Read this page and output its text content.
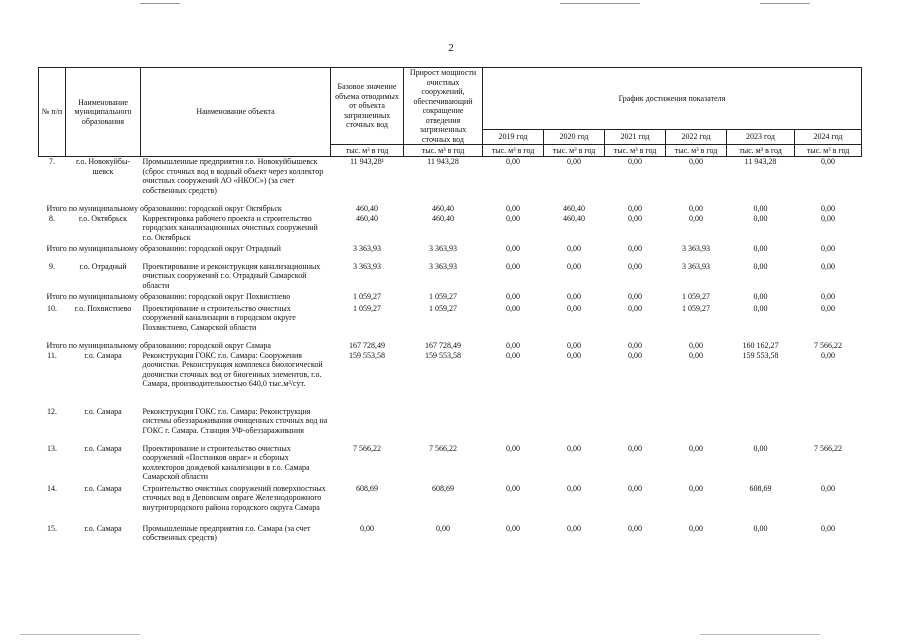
2
№ п/п	Наименование муниципального образования	Наименование объекта	Базовое значение объема отводимых от объекта загрязненных сточных вод	Прирост мощности очистных сооружений, обеспечивающий сокращение отведения загрязненных сточных вод	График достижения показателя					
					2019 год	2020 год	2021 год	2022 год	2023 год	2024 год
			тыс. м³ в год	тыс. м³ в год	тыс. м³ в год	тыс. м³ в год	тыс. м³ в год	тыс. м³ в год	тыс. м³ в год	тыс. м³ в год
7.	г.о. Новокуйбы-шевск	Промышленные предприятия г.о. Новокуйбышевск (сброс сточных вод в водный объект через коллектор очистных сооружений АО «НКОС») (за счет собственных средств)	11 943,28¹	11 943,28	0,00	0,00	0,00	0,00	11 943,28	0,00
Итого по муниципальному образованию: городской округ Октябрьск			460,40	460,40	0,00	460,40	0,00	0,00	0,00	0,00
8.	г.о. Октябрьск	Корректировка рабочего проекта и строительство городских канализационных очистных сооружений г.о. Октябрьск	460,40	460,40	0,00	460,40	0,00	0,00	0,00	0,00
Итого по муниципальному образованию: городской округ Отрадный			3 363,93	3 363,93	0,00	0,00	0,00	3 363,93	0,00	0,00
9.	г.о. Отрадный	Проектирование и реконструкция канализационных очистных сооружений г.о. Отрадный Самарской области	3 363,93	3 363,93	0,00	0,00	0,00	3 363,93	0,00	0,00
Итого по муниципальному образованию: городской округ Похвистнево			1 059,27	1 059,27	0,00	0,00	0,00	1 059,27	0,00	0,00
10.	г.о. Похвистнево	Проектирование и строительство очистных сооружений канализации в городском округе Похвистнево, Самарской области	1 059,27	1 059,27	0,00	0,00	0,00	1 059,27	0,00	0,00
Итого по муниципальному образованию: городской округ Самара			167 728,49	167 728,49	0,00	0,00	0,00	0,00	160 162,27	7 566,22
11.	г.о. Самара	Реконструкция ГОКС г.о. Самара: Сооружения доочистки. Реконструкция комплекса биологической доочистки сточных вод от биогенных элементов, г.о. Самара, производительностью 640,0 тыс.м³/сут.	159 553,58	159 553,58	0,00	0,00	0,00	0,00	159 553,58	0,00
12.	г.о. Самара	Реконструкция ГОКС г.о. Самара: Реконструкция системы обеззараживания очищенных сточных вод на ГОКС г. Самара. Станция УФ-обеззараживания								
13.	г.о. Самара	Проектирование и строительство очистных сооружений «Постников овраг» и сборных коллекторов дождевой канализации в г.о. Самара Самарской области	7 566,22	7 566,22	0,00	0,00	0,00	0,00	0,00	7 566,22
14.	г.о. Самара	Строительство очистных сооружений поверхностных сточных вод в Деповском овраге Железнодорожного внутригородского района городского округа Самара	608,69	608,69	0,00	0,00	0,00	0,00	608,69	0,00
15.	г.о. Самара	Промышленные предприятия г.о. Самара (за счет собственных средств)	0,00	0,00	0,00	0,00	0,00	0,00	0,00	0,00
